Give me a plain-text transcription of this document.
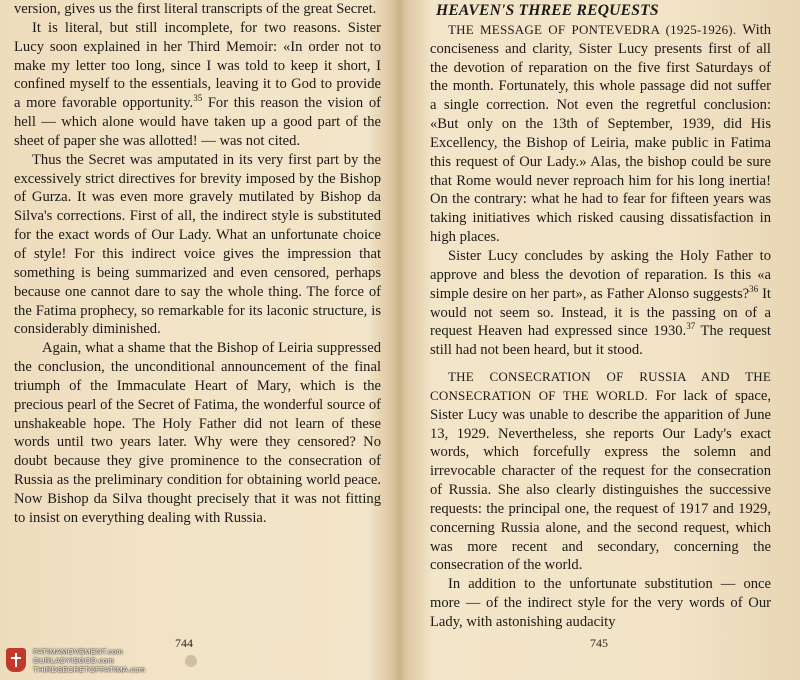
version, gives us the first literal transcripts of the great Secret.

It is literal, but still incomplete, for two reasons. Sister Lucy soon explained in her Third Memoir: «In order not to make my letter too long, since I was told to keep it short, I confined myself to the essentials, leaving it to God to provide a more favorable opportunity.$^{35}$ For this reason the vision of hell — which alone would have taken up a good part of the sheet of paper she was allotted! — was not cited.

Thus the Secret was amputated in its very first part by the excessively strict directives for brevity imposed by the Bishop of Gurza. It was even more gravely mutilated by Bishop da Silva's corrections. First of all, the indirect style is substituted for the exact words of Our Lady. What an unfortunate choice of style! For this indirect voice gives the impression that something is being summarized and even censored, perhaps because one cannot dare to say the whole thing. The force of the Fatima prophecy, so remarkable for its laconic structure, is considerably diminished.

Again, what a shame that the Bishop of Leiria suppressed the conclusion, the unconditional announcement of the final triumph of the Immaculate Heart of Mary, which is the precious pearl of the Secret of Fatima, the wonderful source of unshakeable hope. The Holy Father did not learn of these words until two years later. Why were they censored? No doubt because they give prominence to the consecration of Russia as the preliminary condition for obtaining world peace. Now Bishop da Silva thought precisely that it was not fitting to insist on everything dealing with Russia.

744
HEAVEN'S THREE REQUESTS

THE MESSAGE OF PONTEVEDRA (1925-1926). With conciseness and clarity, Sister Lucy presents first of all the devotion of reparation on the five first Saturdays of the month. Fortunately, this whole passage did not suffer a single correction. Not even the regretful conclusion: «But only on the 13th of September, 1939, did His Excellency, the Bishop of Leiria, make public in Fatima this request of Our Lady.» Alas, the bishop could be sure that Rome would never reproach him for his long inertia! On the contrary: what he had to fear for fifteen years was taking initiatives which risked causing dissatisfaction in high places.

Sister Lucy concludes by asking the Holy Father to approve and bless the devotion of reparation. Is this «a simple desire on her part», as Father Alonso suggests?$^{36}$ It would not seem so. Instead, it is the passing on of a request Heaven had expressed since 1930.37 The request still had not been heard, but it stood.

THE CONSECRATION OF RUSSIA AND THE CONSECRATION OF THE WORLD. For lack of space, Sister Lucy was unable to describe the apparition of June 13, 1929. Nevertheless, she reports Our Lady's exact words, which forcefully express the solemn and irrevocable character of the request for the consecration of Russia. She also clearly distinguishes the successive requests: the principal one, the request of 1917 and 1929, concerning Russia alone, and the second request, which was more recent and secondary, concerning the consecration of the world.

In addition to the unfortunate substitution — once more — of the indirect style for the very words of Our Lady, with astonishing audacity

745
FATIMAMOVEMENT.com
OURLADYISGOD.com
THIRDSECRETOFFATIMA.com
